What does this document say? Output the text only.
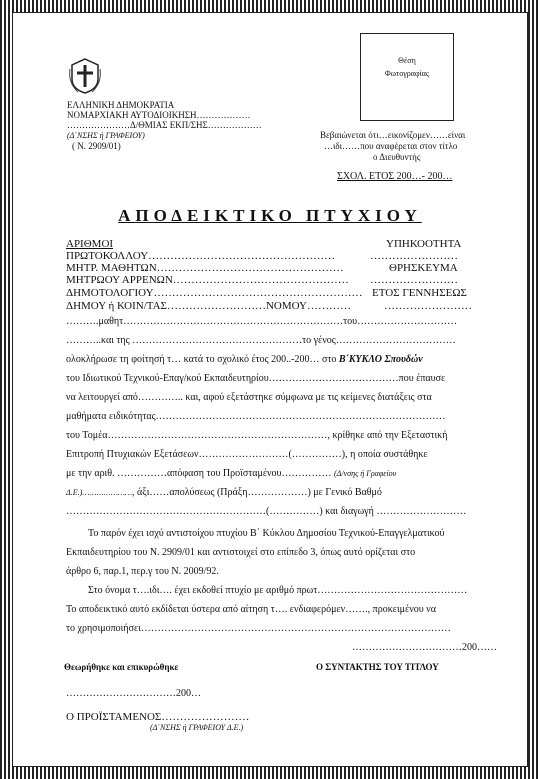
Θέση
Φωτογραφίας
ΕΛΛΗΝΙΚΗ ΔΗΜΟΚΡΑΤΙΑ
ΝΟΜΑΡΧΙΑΚΗ ΑΥΤΟΔΙΟΙΚΗΣΗ………………
…………………Δ/ΘΜΙΑΣ ΕΚΠ/ΣΗΣ………………
(Δ΄ΝΣΗΣ ή ΓΡΑΦΕΙΟΥ)
( Ν. 2909/01)
Βεβαιώνεται ότι…εικονίζομεν……είναι
…ιδι……που αναφέρεται στον τίτλο
ο Διευθυντής
ΣΧΟΛ. ΕΤΟΣ 200…- 200…
ΑΠΟΔΕΙΚΤΙΚΟ ΠΤΥΧΙΟΥ
ΑΡΙΘΜΟΙ
ΠΡΩΤΟΚΟΛΛΟΥ……………………………………………
ΜΗΤΡ. ΜΑΘΗΤΩΝ……………………………………………
ΜΗΤΡΩΟΥ ΑΡΡΕΝΩΝ…………………………………………
ΔΗΜΟΤΟΛΟΓΙΟΥ…………………………………………………
ΔΗΜΟΥ ή ΚΟΙΝ/ΤΑΣ………………………ΝΟΜΟΥ…………
ΥΠΗΚΟΟΤΗΤΑ
……………………
ΘΡΗΣΚΕΥΜΑ
……………………
ΕΤΟΣ ΓΕΝΝΗΣΕΩΣ
……………………
……….μαθητ…………………………………………………………του…………………………
………..και της ……………………………………………το γένος………………………………
ολοκλήρωσε τη φοίτησή τ… κατά το σχολικό έτος 200..-200… στο Β΄ΚΥΚΛΟ Σπουδών
του Ιδιωτικού Τεχνικού-Επαγ/κού Εκπαιδευτηρίου…………………………………που έπαυσε
να λειτουργεί από………….. και, αφού εξετάστηκε σύμφωνα με τις κείμενες διατάξεις στα
μαθήματα ειδικότητας……………………………………………………………………………
του Τομέα…………………………………………………………, κρίθηκε από την Εξεταστική
Επιτροπή Πτυχιακών Εξετάσεων………………………(……………), η οποία συστάθηκε
με την αριθ. ……………απόφαση του Προϊσταμένου…………… (Δ/νσης ή Γραφείου
Δ.Ε.)…………………, άξι……απολύσεως (Πράξη………………) με Γενικό Βαθμό
……………………………………………………(……………) και διαγωγή ………………………
Το παρόν έχει ισχύ αντιστοίχου πτυχίου Β΄ Κύκλου Δημοσίου Τεχνικού-Επαγγελματικού
Εκπαιδευτηρίου του Ν. 2909/01 και αντιστοιχεί στο επίπεδο 3, όπως αυτό ορίζεται στο
άρθρο 6, παρ.1, περ.γ του Ν. 2009/92.
Στο όνομα τ….ιδι…. έχει εκδοθεί πτυχίο με αριθμό πρωτ………………………………………
Το αποδεικτικό αυτό εκδίδεται ύστερα από αίτηση τ…. ενδιαφερόμεν……., προκειμένου να
το χρησιμοποιήσει…………………………………………………………………………………
……………………………200……
Θεωρήθηκε και επικυρώθηκε	Ο ΣΥΝΤΑΚΤΗΣ ΤΟΥ ΤΙΤΛΟΥ
……………………………200…
Ο ΠΡΟΪΣΤΑΜΕΝΟΣ……………………
(Δ΄ΝΣΗΣ ή ΓΡΑΦΕΙΟΥ Δ.Ε.)
